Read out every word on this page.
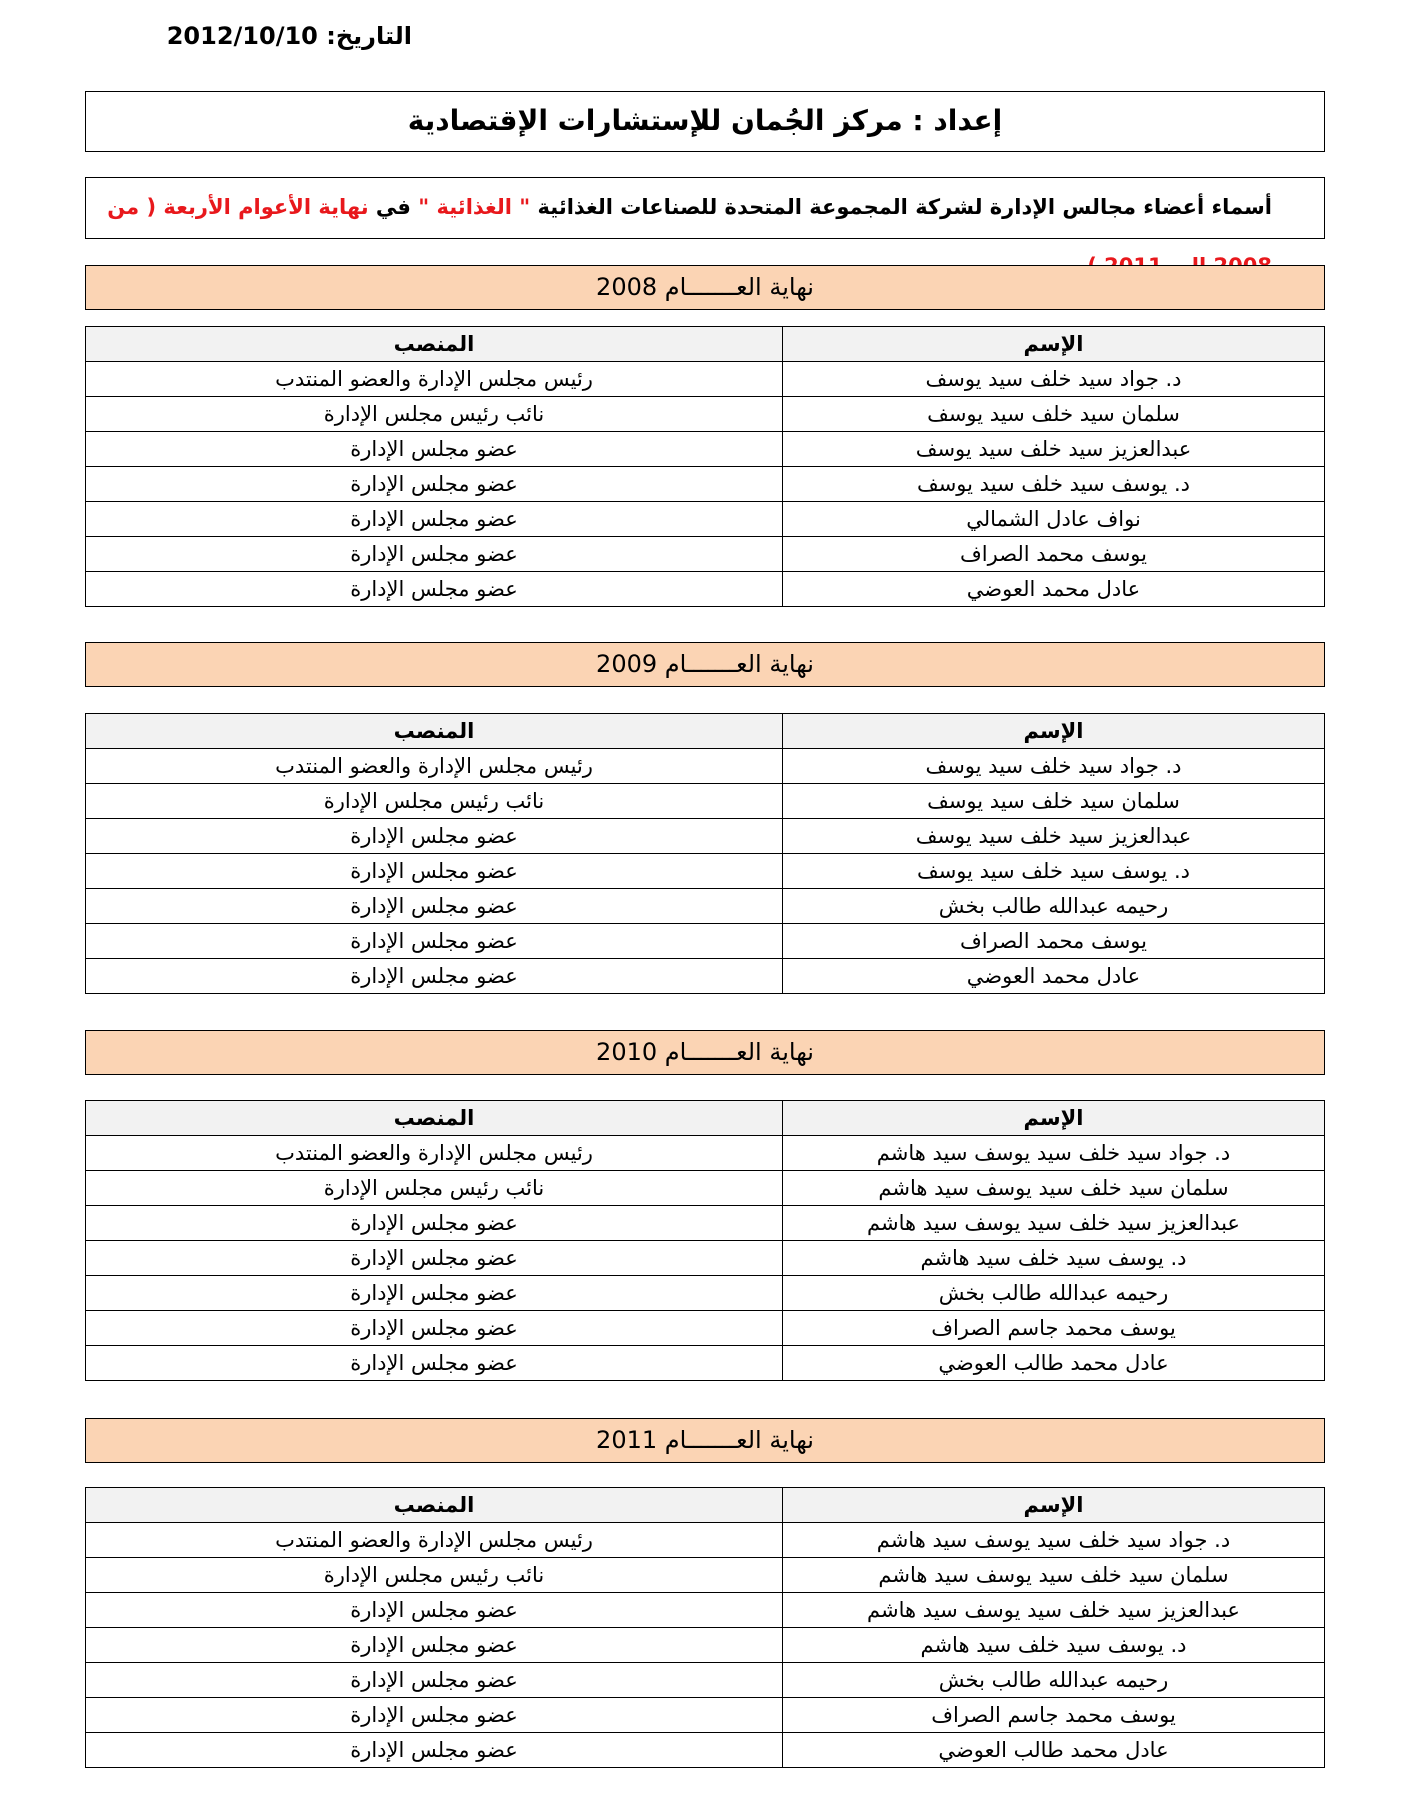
التاريخ: 2012/10/10
إعداد : مركز الجُمان للإستشارات الإقتصادية
أسماء أعضاء مجالس الإدارة لشركة المجموعة المتحدة للصناعات الغذائية " الغذائية " في نهاية الأعوام الأربعة ( من
نهاية العـــــــام 2008
الإسم	المنصب
د. جواد سيد خلف سيد يوسف	رئيس مجلس الإدارة والعضو المنتدب
سلمان سيد خلف سيد يوسف	نائب رئيس مجلس الإدارة
عبدالعزيز سيد خلف سيد يوسف	عضو مجلس الإدارة
د. يوسف سيد خلف سيد يوسف	عضو مجلس الإدارة
نواف عادل الشمالي	عضو مجلس الإدارة
يوسف محمد الصراف	عضو مجلس الإدارة
عادل محمد العوضي	عضو مجلس الإدارة
نهاية العـــــــام 2009
الإسم	المنصب
د. جواد سيد خلف سيد يوسف	رئيس مجلس الإدارة والعضو المنتدب
سلمان سيد خلف سيد يوسف	نائب رئيس مجلس الإدارة
عبدالعزيز سيد خلف سيد يوسف	عضو مجلس الإدارة
د. يوسف سيد خلف سيد يوسف	عضو مجلس الإدارة
رحيمه عبدالله طالب بخش	عضو مجلس الإدارة
يوسف محمد الصراف	عضو مجلس الإدارة
عادل محمد العوضي	عضو مجلس الإدارة
نهاية العـــــــام 2010
الإسم	المنصب
د. جواد سيد خلف سيد يوسف سيد هاشم	رئيس مجلس الإدارة والعضو المنتدب
سلمان سيد خلف سيد يوسف سيد هاشم	نائب رئيس مجلس الإدارة
عبدالعزيز سيد خلف سيد يوسف سيد هاشم	عضو مجلس الإدارة
د. يوسف سيد خلف سيد هاشم	عضو مجلس الإدارة
رحيمه عبدالله طالب بخش	عضو مجلس الإدارة
يوسف محمد جاسم الصراف	عضو مجلس الإدارة
عادل محمد طالب العوضي	عضو مجلس الإدارة
نهاية العـــــــام 2011
الإسم	المنصب
د. جواد سيد خلف سيد يوسف سيد هاشم	رئيس مجلس الإدارة والعضو المنتدب
سلمان سيد خلف سيد يوسف سيد هاشم	نائب رئيس مجلس الإدارة
عبدالعزيز سيد خلف سيد يوسف سيد هاشم	عضو مجلس الإدارة
د. يوسف سيد خلف سيد هاشم	عضو مجلس الإدارة
رحيمه عبدالله طالب بخش	عضو مجلس الإدارة
يوسف محمد جاسم الصراف	عضو مجلس الإدارة
عادل محمد طالب العوضي	عضو مجلس الإدارة
